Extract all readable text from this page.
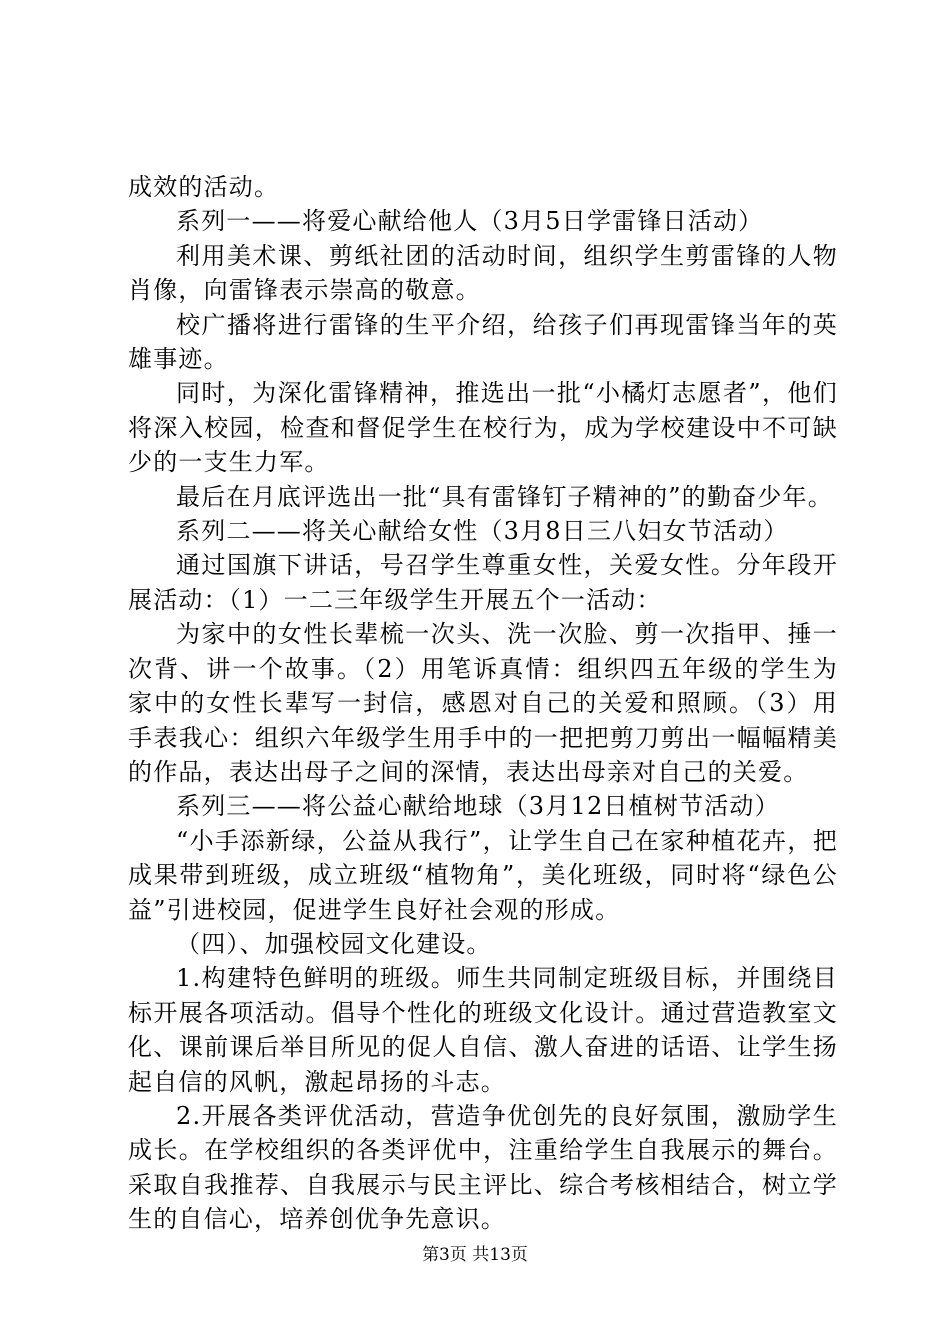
成效的活动。

系列一——将爱心献给他人（3月5日学雷锋日活动）

利用美术课、剪纸社团的活动时间，组织学生剪雷锋的人物肖像，向雷锋表示崇高的敬意。

校广播将进行雷锋的生平介绍，给孩子们再现雷锋当年的英雄事迹。

同时，为深化雷锋精神，推选出一批“小橘灯志愿者”，他们将深入校园，检查和督促学生在校行为，成为学校建设中不可缺少的一支生力军。

最后在月底评选出一批“具有雷锋钉子精神的”的勤奋少年。

系列二——将关心献给女性（3月8日三八妇女节活动）

通过国旗下讲话，号召学生尊重女性，关爱女性。分年段开展活动：（1）一二三年级学生开展五个一活动：

为家中的女性长辈梳一次头、洗一次脸、剪一次指甲、捶一次背、讲一个故事。（2）用笔诉真情：组织四五年级的学生为家中的女性长辈写一封信，感恩对自己的关爱和照顾。（3）用手表我心：组织六年级学生用手中的一把把剪刀剪出一幅幅精美的作品，表达出母子之间的深情，表达出母亲对自己的关爱。

系列三——将公益心献给地球（3月12日植树节活动）

“小手添新绿，公益从我行”，让学生自己在家种植花卉，把成果带到班级，成立班级“植物角”，美化班级，同时将“绿色公益”引进校园，促进学生良好社会观的形成。

（四）、加强校园文化建设。

1.构建特色鲜明的班级。师生共同制定班级目标，并围绕目标开展各项活动。倡导个性化的班级文化设计。通过营造教室文化、课前课后举目所见的促人自信、激人奋进的话语、让学生扬起自信的风帆，激起昂扬的斗志。

2.开展各类评优活动，营造争优创先的良好氛围，激励学生成长。在学校组织的各类评优中，注重给学生自我展示的舞台。采取自我推荐、自我展示与民主评比、综合考核相结合，树立学生的自信心，培养创优争先意识。

第3页 共13页
